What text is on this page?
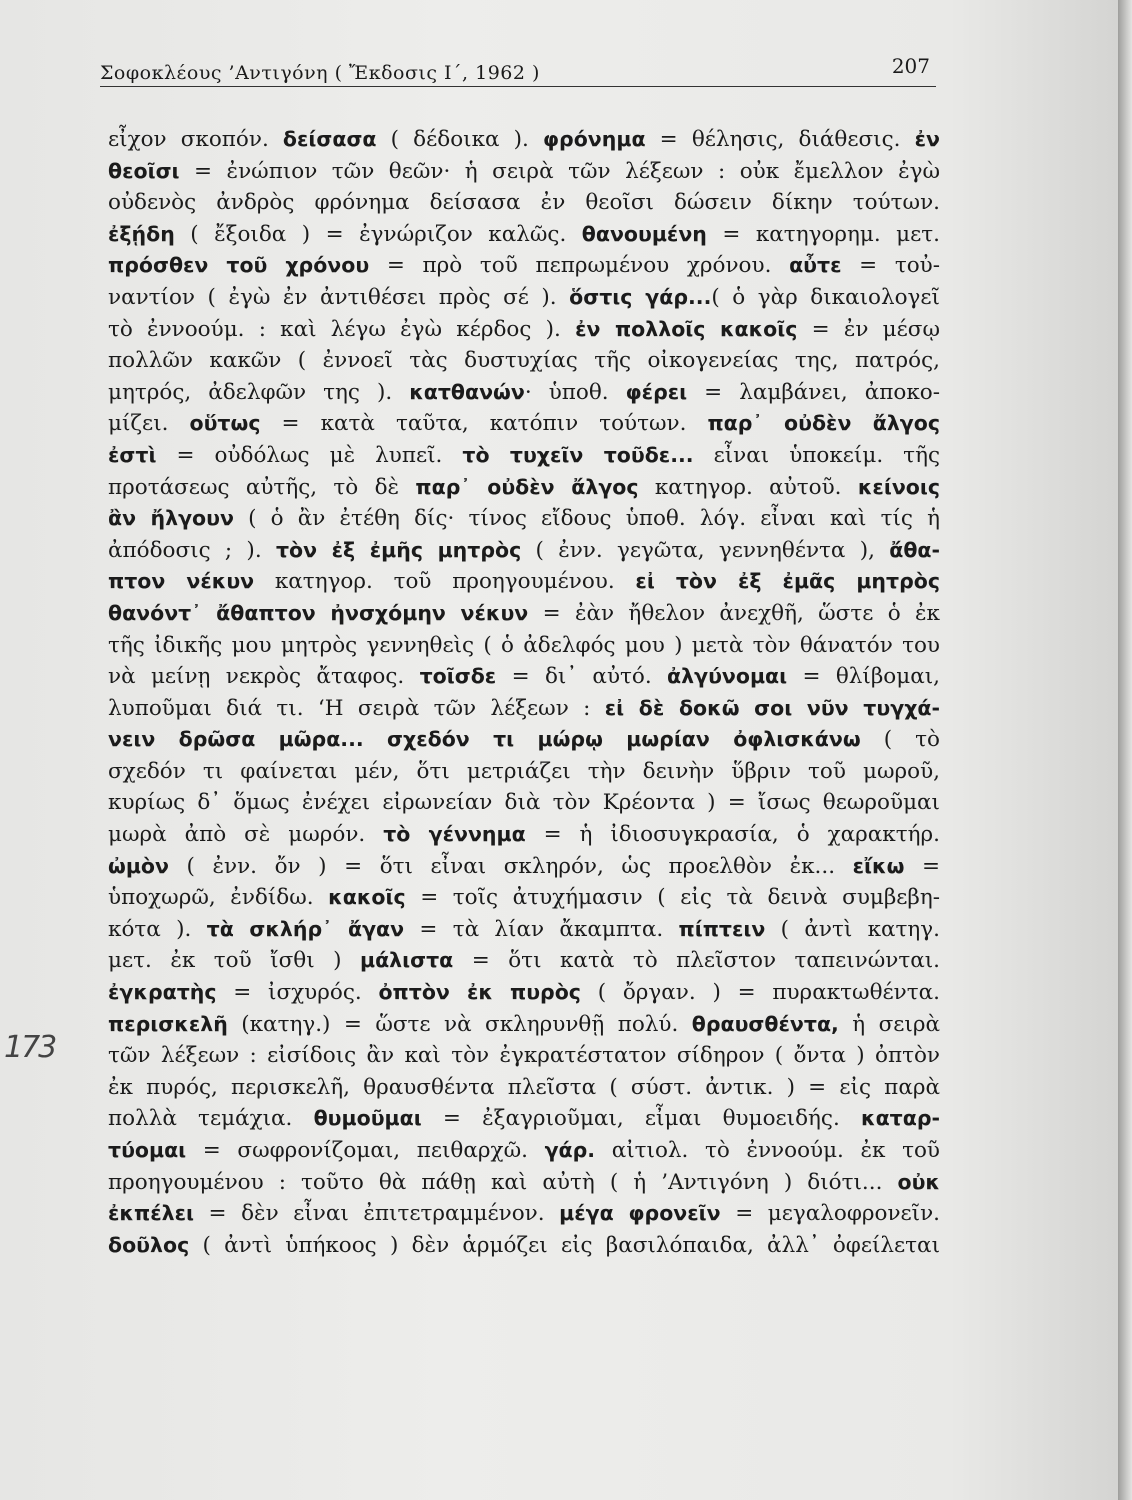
Σοφοκλέους ’Αντιγόνη ( Ἔκδοσις Ι΄, 1962 )	207
173
εἶχον σκοπόν. δείσασα ( δέδοικα ). φρόνημα = θέλησις, διάθεσις. ἐν
θεοῖσι = ἐνώπιον τῶν θεῶν· ἡ σειρὰ τῶν λέξεων : οὐκ ἔμελλον ἐγὼ
οὐδενὸς ἀνδρὸς φρόνημα δείσασα ἐν θεοῖσι δώσειν δίκην τούτων.
ἐξῄδη ( ἔξοιδα ) = ἐγνώριζον καλῶς. θανουμένη = κατηγορημ. μετ.
πρόσθεν τοῦ χρόνου = πρὸ τοῦ πεπρωμένου χρόνου. αὖτε = τοὐ-
ναντίον ( ἐγὼ ἐν ἀντιθέσει πρὸς σέ ). ὅστις γάρ...( ὁ γὰρ δικαιολογεῖ
τὸ ἐννοούμ. : καὶ λέγω ἐγὼ κέρδος ). ἐν πολλοῖς κακοῖς = ἐν μέσῳ
πολλῶν κακῶν ( ἐννοεῖ τὰς δυστυχίας τῆς οἰκογενείας της, πατρός,
μητρός, ἀδελφῶν της ). κατθανών· ὑποθ. φέρει = λαμβάνει, ἀποκο-
μίζει. οὕτως = κατὰ ταῦτα, κατόπιν τούτων. παρ᾽ οὐδὲν ἄλγος
ἐστὶ = οὐδόλως μὲ λυπεῖ. τὸ τυχεῖν τοῦδε... εἶναι ὑποκείμ. τῆς
προτάσεως αὐτῆς, τὸ δὲ παρ᾽ οὐδὲν ἄλγος κατηγορ. αὐτοῦ. κείνοις
ἂν ἤλγουν ( ὁ ἂν ἐτέθη δίς· τίνος εἴδους ὑποθ. λόγ. εἶναι καὶ τίς ἡ
ἀπόδοσις ; ). τὸν ἐξ ἐμῆς μητρὸς ( ἐνν. γεγῶτα, γεννηθέντα ), ἄθα-
πτον νέκυν κατηγορ. τοῦ προηγουμένου. εἰ τὸν ἐξ ἐμᾶς μητρὸς
θανόντ᾽ ἄθαπτον ἠνσχόμην νέκυν = ἐὰν ἤθελον ἀνεχθῆ, ὥστε ὁ ἐκ
τῆς ἰδικῆς μου μητρὸς γεννηθεὶς ( ὁ ἀδελφός μου ) μετὰ τὸν θάνατόν του
νὰ μείνῃ νεκρὸς ἄταφος. τοῖσδε = δι᾽ αὐτό. ἀλγύνομαι = θλίβομαι,
λυποῦμαι διά τι. ‘Η σειρὰ τῶν λέξεων : εἰ δὲ δοκῶ σοι νῦν τυγχά-
νειν δρῶσα μῶρα... σχεδόν τι μώρῳ μωρίαν ὀφλισκάνω ( τὸ
σχεδόν τι φαίνεται μέν, ὅτι μετριάζει τὴν δεινὴν ὕβριν τοῦ μωροῦ,
κυρίως δ᾽ ὅμως ἐνέχει εἰρωνείαν διὰ τὸν Κρέοντα ) = ἴσως θεωροῦμαι
μωρὰ ἀπὸ σὲ μωρόν. τὸ γέννημα = ἡ ἰδιοσυγκρασία, ὁ χαρακτήρ.
ὠμὸν ( ἐνν. ὄν ) = ὅτι εἶναι σκληρόν, ὡς προελθὸν ἐκ... εἴκω =
ὑποχωρῶ, ἐνδίδω. κακοῖς = τοῖς ἀτυχήμασιν ( εἰς τὰ δεινὰ συμβεβη-
κότα ). τὰ σκλήρ᾽ ἄγαν = τὰ λίαν ἄκαμπτα. πίπτειν ( ἀντὶ κατηγ.
μετ. ἐκ τοῦ ἴσθι ) μάλιστα = ὅτι κατὰ τὸ πλεῖστον ταπεινώνται.
ἐγκρατὴς = ἰσχυρός. ὀπτὸν ἐκ πυρὸς ( ὄργαν. ) = πυρακτωθέντα.
περισκελῆ (κατηγ.) = ὥστε νὰ σκληρυνθῇ πολύ. θραυσθέντα, ἡ σειρὰ
τῶν λέξεων : εἰσίδοις ἂν καὶ τὸν ἐγκρατέστατον σίδηρον ( ὄντα ) ὀπτὸν
ἐκ πυρός, περισκελῆ, θραυσθέντα πλεῖστα ( σύστ. ἀντικ. ) = εἰς παρὰ
πολλὰ τεμάχια. θυμοῦμαι = ἐξαγριοῦμαι, εἶμαι θυμοειδής. καταρ-
τύομαι = σωφρονίζομαι, πειθαρχῶ. γάρ. αἰτιολ. τὸ ἐννοούμ. ἐκ τοῦ
προηγουμένου : τοῦτο θὰ πάθῃ καὶ αὐτὴ ( ἡ ’Αντιγόνη ) διότι... οὐκ
ἐκπέλει = δὲν εἶναι ἐπιτετραμμένον. μέγα φρονεῖν = μεγαλοφρονεῖν.
δοῦλος ( ἀντὶ ὑπήκοος ) δὲν ἁρμόζει εἰς βασιλόπαιδα, ἀλλ᾽ ὀφείλεται
